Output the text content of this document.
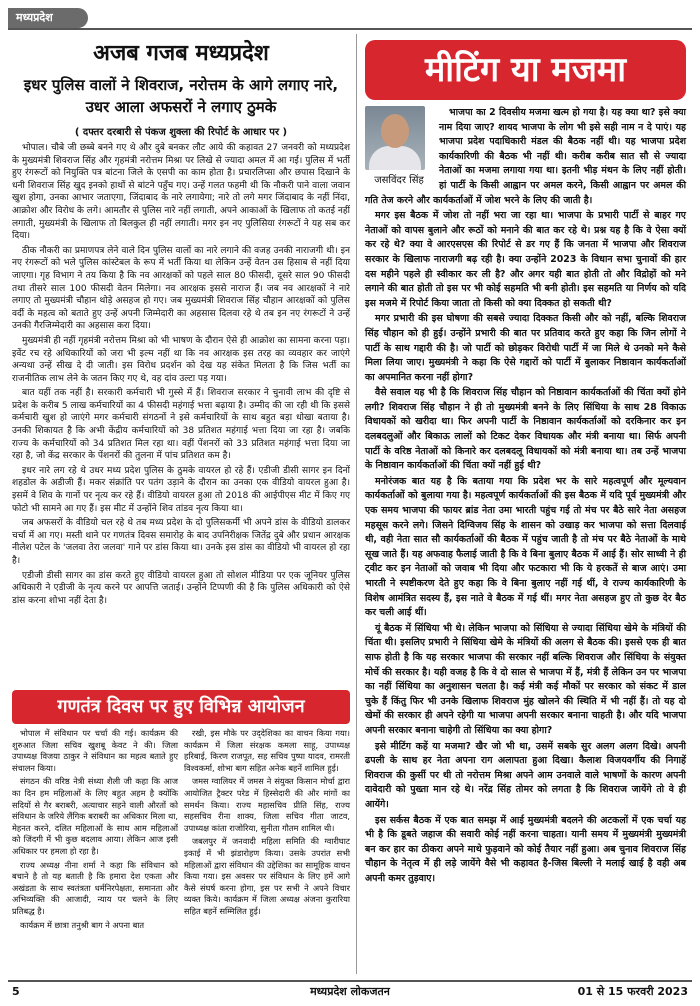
मध्यप्रदेश
अजब गजब मध्यप्रदेश
इधर पुलिस वालों ने शिवराज, नरोत्तम के आगे लगाए नारे, उधर आला अफसरों ने लगाए ठुमके
( दफ्तर दरबारी से पंकज शुक्ला की रिपोर्ट के आधार पर )

भोपाल। चौबे जी छब्बे बनने गए थे और दुबे बनकर लौट आये की कहावत 27 जनवरी को मध्यप्रदेश के मुख्यमंत्री शिवराज सिंह और गृहमंत्री नरोत्तम मिश्रा पर लिखे से ज्यादा अमल में आ गई। पुलिस में भर्ती हुए रंगरूटों को नियुक्ति पत्र बांटना जिले के एसपी का काम होता है। प्रचारलिप्सा और छपास दिखाने के धनी शिवराज सिंह खुद इनको हाथों से बांटने पहुँच गए। उन्हें गलत फहमी थी कि नौकरी पाने वाला जवान खुश होगा, उनका आभार जताएगा, जिंदाबाद के नारे लगायेगा; नारे तो लगे मगर जिंदाबाद के नहीं निंदा, आक्रोश और विरोध के लगे। आमतौर से पुलिस नारे नहीं लगाती, अपने आकाओं के खिलाफ तो कतई नहीं लगाती, मुख्यमंत्री के खिलाफ तो बिलकुल ही नहीं लगाती। मगर इन नए पुलिसिया रंगरूटों ने यह सब कर दिया।

ठीक नौकरी का प्रमाणपत्र लेने वाले दिन पुलिस वालों का नारे लगाने की वजह उनकी नाराजगी थी। इन नए रंगरूटों को भले पुलिस कांस्टेबल के रूप में भर्ती किया था लेकिन उन्हें वेतन उस हिसाब से नहीं दिया जाएगा। गृह विभाग ने तय किया है कि नव आरक्षकों को पहले साल 80 फीसदी, दूसरे साल 90 फीसदी तथा तीसरे साल 100 फीसदी वेतन मिलेगा। नव आरक्षक इससे नाराज हैं। जब नव आरक्षकों ने नारे लगाए तो मुख्यमंत्री चौहान थोड़े असहज हो गए। जब मुख्यमंत्री शिवराज सिंह चौहान आरक्षकों को पुलिस वर्दी के महत्व को बताते हुए उन्हें अपनी जिम्मेदारी का अहसास दिलवा रहे थे तब इन नए रंगरूटों ने उन्हें उनकी गैरजिम्मेदारी का अहसास करा दिया।

मुख्यमंत्री ही नहीं गृहमंत्री नरोत्तम मिश्रा को भी भाषण के दौरान ऐसे ही आक्रोश का सामना करना पड़ा। इवेंट रच रहे अधिकारियों को जरा भी इल्म नहीं था कि नव आरक्षक इस तरह का व्यवहार कर जाएंगे अन्यथा उन्हें सीख दे दी जाती। इस विरोध प्रदर्शन को देख यह संकेत मिलता है कि जिस भर्ती का राजनीतिक लाभ लेने के जतन किए गए थे, वह दांव उल्टा पड़ गया।

बात यहीं तक नहीं है। सरकारी कर्मचारी भी गुस्से में हैं। शिवराज सरकार ने चुनावी लाभ की दृष्टि से प्रदेश के करीब 5 लाख कर्मचारियों का 4 फीसदी महंगाई भत्ता बढ़ाया है। उम्मीद की जा रही थी कि इससे कर्मचारी खुश हो जाएंगे मगर कर्मचारी संगठनों ने इसे कर्मचारियों के साथ बहुत बड़ा धोखा बताया है। उनकी शिकायत है कि अभी केंद्रीय कर्मचारियों को 38 प्रतिशत महंगाई भत्ता दिया जा रहा है। जबकि राज्य के कर्मचारियों को 34 प्रतिशत मिल रहा था। वहीं पेंशनरों को 33 प्रतिशत महंगाई भत्ता दिया जा रहा है, जो केंद्र सरकार के पेंशनरों की तुलना में पांच प्रतिशत कम है।

इधर नारे लग रहे थे उधर मध्य प्रदेश पुलिस के ठुमके वायरल हो रहे हैं। एडीजी डीसी सागर इन दिनों शहडोल के अडीजी हैं। मकर संक्रांति पर पतंग उड़ाने के दौरान का उनका एक वीडियो वायरल हुआ है। इसमें वे शिव के गानों पर नृत्य कर रहे हैं। वीडियो वायरल हुआ तो 2018 की आईपीएस मीट में किए गए फोटो भी सामने आ गए हैं। इस मीट में उन्होंने शिव तांडव नृत्य किया था।

जब अफसरों के वीडियो चल रहे थे तब मध्य प्रदेश के दो पुलिसकर्मी भी अपने डांस के वीडियो डालकर चर्चा में आ गए। मस्ती थाने पर गणतंत्र दिवस समारोह के बाद उपनिरीक्षक जितेंद्र दुबे और प्रधान आरक्षक नीलेश पटेल के 'जलवा तेरा जलवा' गाने पर डांस किया था। उनके इस डांस का वीडियो भी वायरल हो रहा है।

एडीजी डीसी सागर का डांस करते हुए वीडियो वायरल हुआ तो सोशल मीडिया पर एक जूनियर पुलिस अधिकारी ने एडीजी के नृत्य करने पर आपत्ति जताई। उन्होंने टिप्पणी की है कि पुलिस अधिकारी को ऐसे डांस करना शोभा नहीं देता है।

मीटिंग या मजमा
जसविंदर सिंह

भाजपा का 2 दिवसीय मजमा खत्म हो गया है। यह क्या था? इसे क्या नाम दिया जाए? शायद भाजपा के लोग भी इसे सही नाम न दे पाएं। यह भाजपा प्रदेश पदाधिकारी मंडल की बैठक नहीं थी। यह भाजपा प्रदेश कार्यकारिणी की बैठक भी नहीं थी। करीब करीब सात सौ से ज्यादा नेताओं का मजमा लगाया गया था। इतनी भीड़ मंथन के लिए नहीं होती। हां पार्टी के किसी आह्वान पर अमल करने, किसी आह्वान पर अमल की गति तेज करने और कार्यकर्ताओं में जोश भरने के लिए की जाती है।

मगर इस बैठक में जोश तो नहीं भरा जा रहा था। भाजपा के प्रभारी पार्टी से बाहर गए नेताओं को वापस बुलाने और रूठों को मनाने की बात कर रहे थे। प्रश्न यह है कि वे ऐसा क्यों कर रहे थे? क्या वे आरएसएस की रिपोर्ट से डर गए हैं कि जनता में भाजपा और शिवराज सरकार के खिलाफ नाराजगी बढ़ रही है। क्या उन्होंने 2023 के विधान सभा चुनावों की हार दस महीने पहले ही स्वीकार कर ली है? और अगर यही बात होती तो और विद्रोहों को मने लगाने की बात होती तो इस पर भी कोई सहमति भी बनी होती। इस सहमति या निर्णय को यदि इस मजमे में रिपोर्ट किया जाता तो किसी को क्या दिक्कत हो सकती थी?

मगर प्रभारी की इस घोषणा की सबसे ज्यादा दिक्कत किसी और को नहीं, बल्कि शिवराज सिंह चौहान को ही हुई। उन्होंने प्रभारी की बात पर प्रतिवाद करते हुए कहा कि जिन लोगों ने पार्टी के साथ गद्दारी की है। जो पार्टी को छोड़कर विरोधी पार्टी में जा मिले थे उनको मने कैसे मिला लिया जाए। मुख्यमंत्री ने कहा कि ऐसे गद्दारों को पार्टी में बुलाकर निष्ठावान कार्यकर्ताओं का अपमानित करना नहीं होगा?

वैसे सवाल यह भी है कि शिवराज सिंह चौहान को निष्ठावान कार्यकर्ताओं की चिंता क्यों होने लगी? शिवराज सिंह चौहान ने ही तो मुख्यमंत्री बनने के लिए सिंधिया के साथ 28 विकाऊ विधायकों को खरीदा था। फिर अपनी पार्टी के निष्ठावान कार्यकर्ताओं को दरकिनार कर इन दलबदलुओं और बिकाऊ लालों को टिकट देकर विधायक और मंत्री बनाया था। सिर्फ अपनी पार्टी के वरिष्ठ नेताओं को किनारे कर दलबदलू विधायकों को मंत्री बनाया था। तब उन्हें भाजपा के निष्ठावान कार्यकर्ताओं की चिंता क्यों नहीं हुई थी?

मनोरंजक बात यह है कि बताया गया कि प्रदेश भर के सारे महत्वपूर्ण और मूल्यवान कार्यकर्ताओं को बुलाया गया है। महत्वपूर्ण कार्यकर्ताओं की इस बैठक में यदि पूर्व मुख्यमंत्री और एक समय भाजपा की फायर ब्रांड नेता उमा भारती पहुंच गई तो मंच पर बैठे सारे नेता असहज महसूस करने लगे। जिसने दिग्विजय सिंह के शासन को उखाड़ कर भाजपा को सत्ता दिलवाई थी, वही नेता सात सौ कार्यकर्ताओं की बैठक में पहुंच जाती है तो मंच पर बैठे नेताओं के माथे सूख जाते हैं। यह अफवाह फैलाई जाती है कि वे बिना बुलाए बैठक में आई हैं। सोर साध्वी ने ही ट्वीट कर इन नेताओं को जवाब भी दिया और फटकारा भी कि ये हरकतें से बाज आएं। उमा भारती ने स्पष्टीकरण देते हुए कहा कि वे बिना बुलाए नहीं गई थीं, वे राज्य कार्यकारिणी के विशेष आमंत्रित सदस्य हैं, इस नाते वे बैठक में गई थीं। मगर नेता असहज हुए तो कुछ देर बैठ कर चली आई थीं।

यूं बैठक में सिंधिया भी थे। लेकिन भाजपा को सिंधिया से ज्यादा सिंधिया खेमे के मंत्रियों की चिंता थी। इसलिए प्रभारी ने सिंधिया खेमे के मंत्रियों की अलग से बैठक की। इससे एक ही बात साफ होती है कि यह सरकार भाजपा की सरकार नहीं बल्कि शिवराज और सिंधिया के संयुक्त मोर्चे की सरकार है। यही वजह है कि वे दो साल से भाजपा में हैं, मंत्री हैं लेकिन उन पर भाजपा का नहीं सिंधिया का अनुशासन चलता है। कई मंत्री कई मौकों पर सरकार को संकट में डाल चुके हैं किंतु फिर भी उनके खिलाफ शिवराज मुंह खोलने की स्थिति में भी नहीं हैं। तो यह दो खेमों की सरकार ही अपने रहेगी या भाजपा अपनी सरकार बनाना चाहती है। और यदि भाजपा अपनी सरकार बनाना चाहेगी तो सिंधिया का क्या होगा?

इसे मीटिंग कहें या मजमा? खैर जो भी था, उसमें सबके सुर अलग अलग दिखे। अपनी ढपली के साथ हर नेता अपना राग अलापता हुआ दिखा। कैलाश विजयवर्गीय की निगाहें शिवराज की कुर्सी पर थी तो नरोत्तम मिश्रा अपने आम उनवाले वाले भाषणों के कारण अपनी दावेदारी को पुख्ता मान रहे थे। नरेंद्र सिंह तोमर को लगता है कि शिवराज जायेंगे तो वे ही आयेंगे।

इस सर्कस बैठक में एक बात समझ में आई मुख्यमंत्री बदलने की अटकलों में एक चर्चा यह भी है कि डूबते जहाज की सवारी कोई नहीं करना चाहता। यानी समय में मुख्यमंत्री मुख्यमंत्री बन कर हार का ठीकरा अपने माथे फुड़वाने को कोई तैयार नहीं हुआ। अब चुनाव शिवराज सिंह चौहान के नेतृत्व में ही लड़े जायेंगे वैसे भी कहावत है-जिस बिल्ली ने मलाई खाई है वही अब अपनी कमर तुड़वाए।

गणतंत्र दिवस पर हुए विभिन्न आयोजन

भोपाल में संविधान पर चर्चा की गई। कार्यक्रम की शुरुआत जिला सचिव खुशबू केवट ने की। जिला उपाध्यक्ष विजया ठाकुर ने संविधान का महत्व बताते हुए संचालन किया।

संगठन की वरिष्ठ नेत्री संध्या शैली जी कहा कि आज का दिन हम महिलाओं के लिए बहुत अहम है क्योंकि सदियों से गैर बराबरी, अत्याचार सहने वाली औरतों को संविधान के जरिये लैंगिक बराबरी का अधिकार मिला था, मेहनत करने, दलित महिलाओं के साथ आम महिलाओं को जिंदगी में भी कुछ बदलाव आया। लेकिन आज इसी अधिकार पर हमला हो रहा है।

राज्य अध्यक्ष नीना शर्मा ने कहा कि संविधान को बचाने है तो यह बताती है कि हमारा देश एकता और अखंडता के साथ स्वतंत्रता धर्मनिरपेक्षता, समानता और अभिव्यक्ति की आजादी, न्याय पर चलने के लिए प्रतिबद्ध है।

कार्यक्रम में छात्रा तनुश्री बाग ने अपना बात

रखी, इस मौके पर उद्‌देशिका का वाचन किया गया। कार्यक्रम में जिला संरक्षक कमला साहू, उपाध्यक्ष हरिबाई, किरण राजपूत, सह सचिव पुष्पा यादव, रामरती विश्वकर्मा, शोभा बाग सहित अनेक बहनें शामिल हुई।

जमस ग्वालियर में जमस ने संयुक्त किसान मोर्चा द्वारा आयोजित ट्रैक्टर परेड में हिस्सेदारी की और मांगों का समर्थन किया। राज्य महासचिव प्रीति सिंह, राज्य सहसचिव रीना शाक्य, जिला सचिव गीता जाटव, उपाध्यक्ष कांता राजोरिया, सुनीता गौतम शामिल थी।

जबलपुर में जनवादी महिला समिति की ग्वारीघाट इकाई में भी झंडारोहण किया। उसके उपरांत सभी महिलाओं द्वारा संविधान की उद्देशिका का सामूहिक वाचन किया गया। इस अवसर पर संविधान के लिए हमें आगे कैसे संघर्ष करना होगा, इस पर सभी ने अपने विचार व्यक्त किये। कार्यक्रम में जिला अध्यक्ष अंजना कुरारिया सहित बहनें सम्मिलित हुई।

5	मध्यप्रदेश लोकजतन	01 से 15 फरवरी 2023
